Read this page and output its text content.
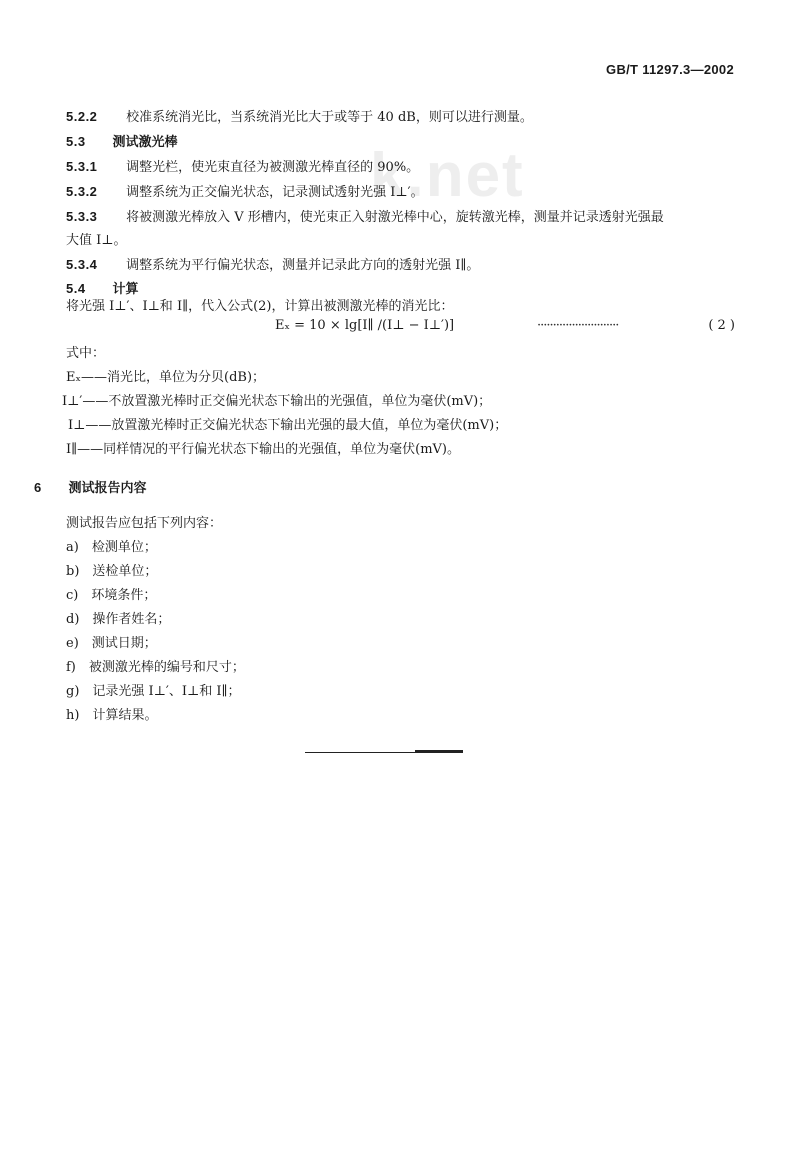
k.net
GB/T 11297.3—2002
5.2.2 校准系统消光比，当系统消光比大于或等于 40 dB，则可以进行测量。
5.3 测试激光棒
5.3.1 调整光栏，使光束直径为被测激光棒直径的 90%。
5.3.2 调整系统为正交偏光状态，记录测试透射光强 I⊥′。
5.3.3 将被测激光棒放入 V 形槽内，使光束正入射激光棒中心，旋转激光棒，测量并记录透射光强最
大值 I⊥。
5.3.4 调整系统为平行偏光状态，测量并记录此方向的透射光强 I∥。
5.4 计算
将光强 I⊥′、I⊥和 I∥，代入公式(2)，计算出被测激光棒的消光比：
Eₓ = 10 × lg[I∥ /(I⊥ − I⊥′)]	··························	( 2 )
式中：
Eₓ——消光比，单位为分贝(dB)；
I⊥′——不放置激光棒时正交偏光状态下输出的光强值，单位为毫伏(mV)；
I⊥——放置激光棒时正交偏光状态下输出光强的最大值，单位为毫伏(mV)；
I∥——同样情况的平行偏光状态下输出的光强值，单位为毫伏(mV)。
6 测试报告内容
测试报告应包括下列内容：
a)　检测单位；
b)　送检单位；
c)　环境条件；
d)　操作者姓名；
e)　测试日期；
f)　被测激光棒的编号和尺寸；
g)　记录光强 I⊥′、I⊥和 I∥；
h)　计算结果。
